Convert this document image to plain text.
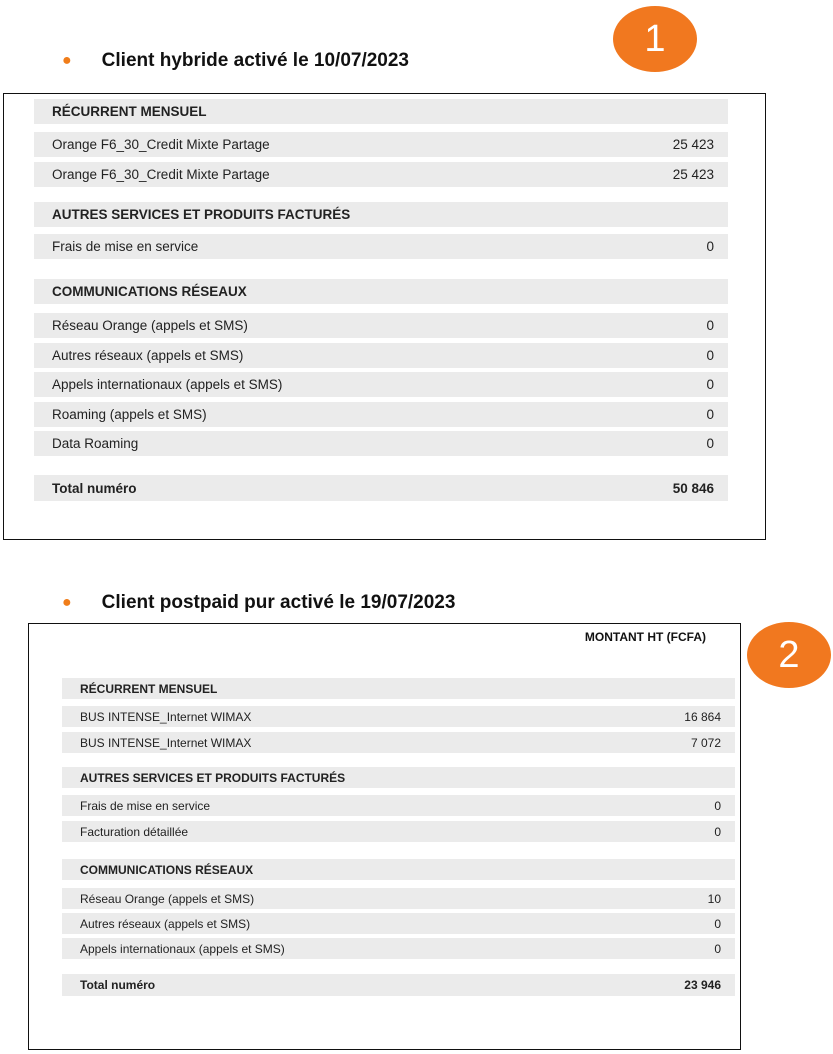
● Client hybride activé le 10/07/2023
1
RÉCURRENT MENSUEL
Orange F6_30_Credit Mixte Partage	25 423
Orange F6_30_Credit Mixte Partage	25 423
AUTRES SERVICES ET PRODUITS FACTURÉS
Frais de mise en service	0
COMMUNICATIONS RÉSEAUX
Réseau Orange (appels et SMS)	0
Autres réseaux (appels et SMS)	0
Appels internationaux (appels et SMS)	0
Roaming (appels et SMS)	0
Data Roaming	0
Total numéro	50 846
● Client postpaid pur activé le 19/07/2023
2
MONTANT HT (FCFA)
RÉCURRENT MENSUEL
BUS INTENSE_Internet WIMAX	16 864
BUS INTENSE_Internet WIMAX	7 072
AUTRES SERVICES ET PRODUITS FACTURÉS
Frais de mise en service	0
Facturation détaillée	0
COMMUNICATIONS RÉSEAUX
Réseau Orange (appels et SMS)	10
Autres réseaux (appels et SMS)	0
Appels internationaux (appels et SMS)	0
Total numéro	23 946
